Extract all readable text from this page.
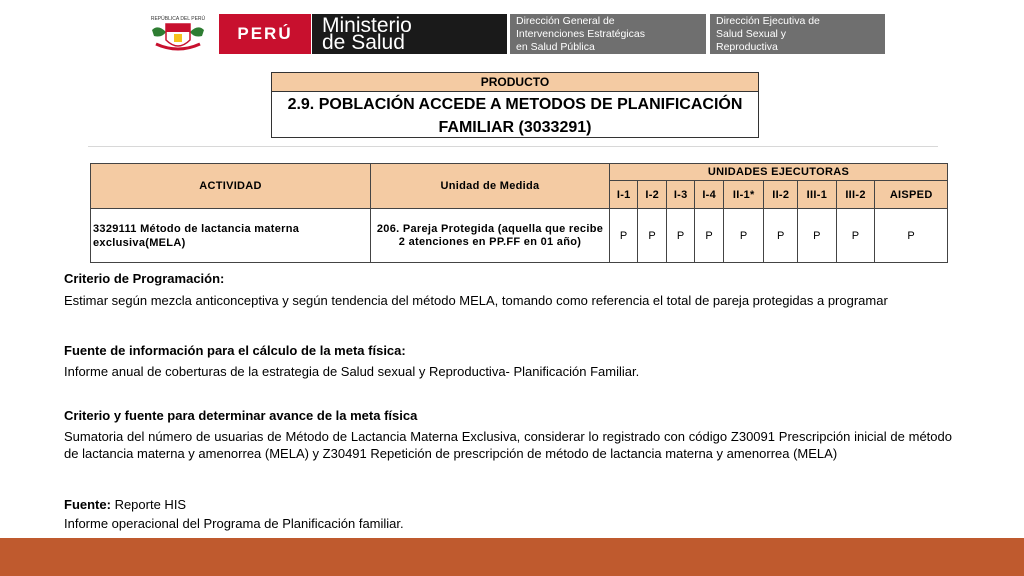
REPÚBLICA DEL PERÚ
PERÚ Ministerio
de Salud
Dirección General de
Intervenciones Estratégicas
en Salud Pública
Dirección Ejecutiva de
Salud Sexual y
Reproductiva
PRODUCTO
2.9. POBLACIÓN ACCEDE A METODOS DE PLANIFICACIÓN
FAMILIAR (3033291)
ACTIVIDAD	Unidad de Medida	UNIDADES EJECUTORAS								
		I-1	I-2	I-3	I-4	II-1*	II-2	III-1	III-2	AISPED
3329111 Método de lactancia materna exclusiva(MELA)	206. Pareja Protegida (aquella que recibe 2 atenciones en PP.FF en 01 año)	P	P	P	P	P	P	P	P	P

Criterio de Programación:

Estimar según mezcla anticonceptiva y según tendencia del método MELA, tomando como referencia el total de pareja protegidas a programar

Fuente de información para el cálculo de la meta física:

Informe anual de coberturas de la estrategia de Salud sexual y Reproductiva- Planificación Familiar.

Criterio y fuente para determinar avance de la meta física

Sumatoria del número de usuarias de Método de Lactancia Materna Exclusiva, considerar lo registrado con código Z30091 Prescripción inicial de método de lactancia materna y amenorrea (MELA) y Z30491 Repetición de prescripción de método de lactancia materna y amenorrea (MELA)

Fuente: Reporte HIS

Informe operacional del Programa de Planificación familiar.
